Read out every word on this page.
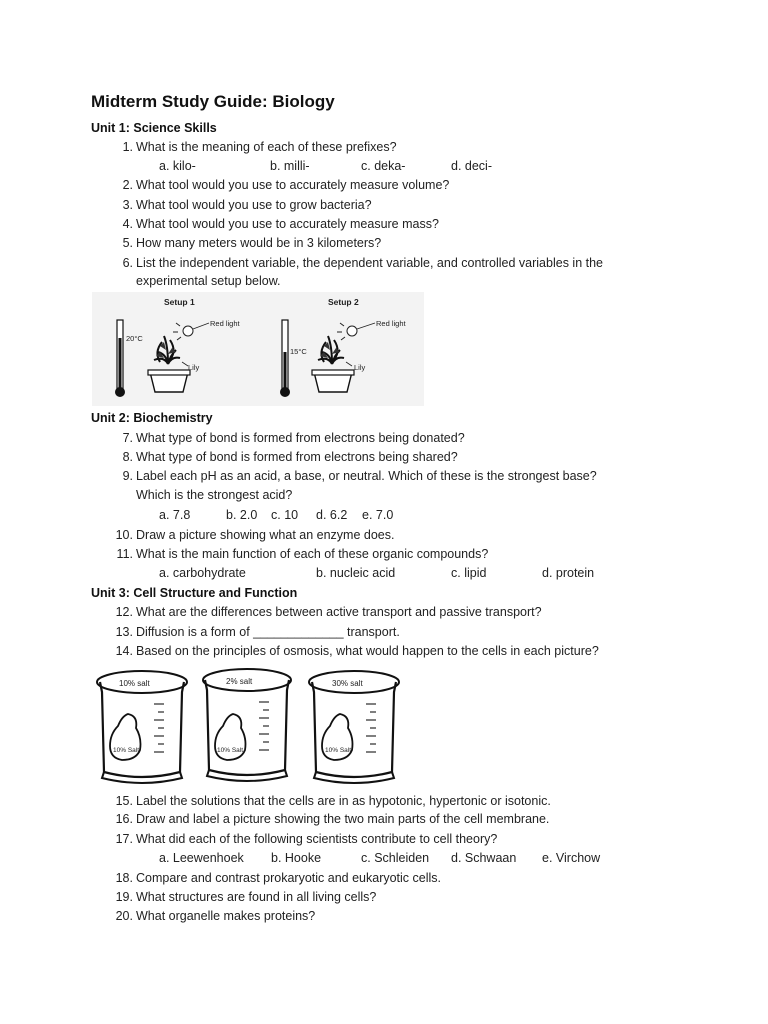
Midterm Study Guide: Biology
Unit 1: Science Skills
1. What is the meaning of each of these prefixes?
a. kilo-	b. milli-	c. deka-	d. deci-
2. What tool would you use to accurately measure volume?
3. What tool would you use to grow bacteria?
4. What tool would you use to accurately measure mass?
5. How many meters would be in 3 kilometers?
6. List the independent variable, the dependent variable, and controlled variables in the
experimental setup below.
Setup 1
20°C
Red light
Lily
Setup 2
15°C
Red light
Lily
Unit 2: Biochemistry
7. What type of bond is formed from electrons being donated?
8. What type of bond is formed from electrons being shared?
9. Label each pH as an acid, a base, or neutral. Which of these is the strongest base?
Which is the strongest acid?
a. 7.8	b. 2.0 c. 10 d. 6.2 e. 7.0
10. Draw a picture showing what an enzyme does.
11. What is the main function of each of these organic compounds?
a. carbohydrate	b. nucleic acid	c. lipid	d. protein
Unit 3: Cell Structure and Function
12. What are the differences between active transport and passive transport?
13. Diffusion is a form of _____________ transport.
14. Based on the principles of osmosis, what would happen to the cells in each picture?
10% salt
10% Salt
2% salt
10% Salt
30% salt
10% Salt
15. Label the solutions that the cells are in as hypotonic, hypertonic or isotonic.
16. Draw and label a picture showing the two main parts of the cell membrane.
17. What did each of the following scientists contribute to cell theory?
a. Leewenhoek b. Hooke	c. Schleiden d. Schwaan e. Virchow
18. Compare and contrast prokaryotic and eukaryotic cells.
19. What structures are found in all living cells?
20. What organelle makes proteins?
